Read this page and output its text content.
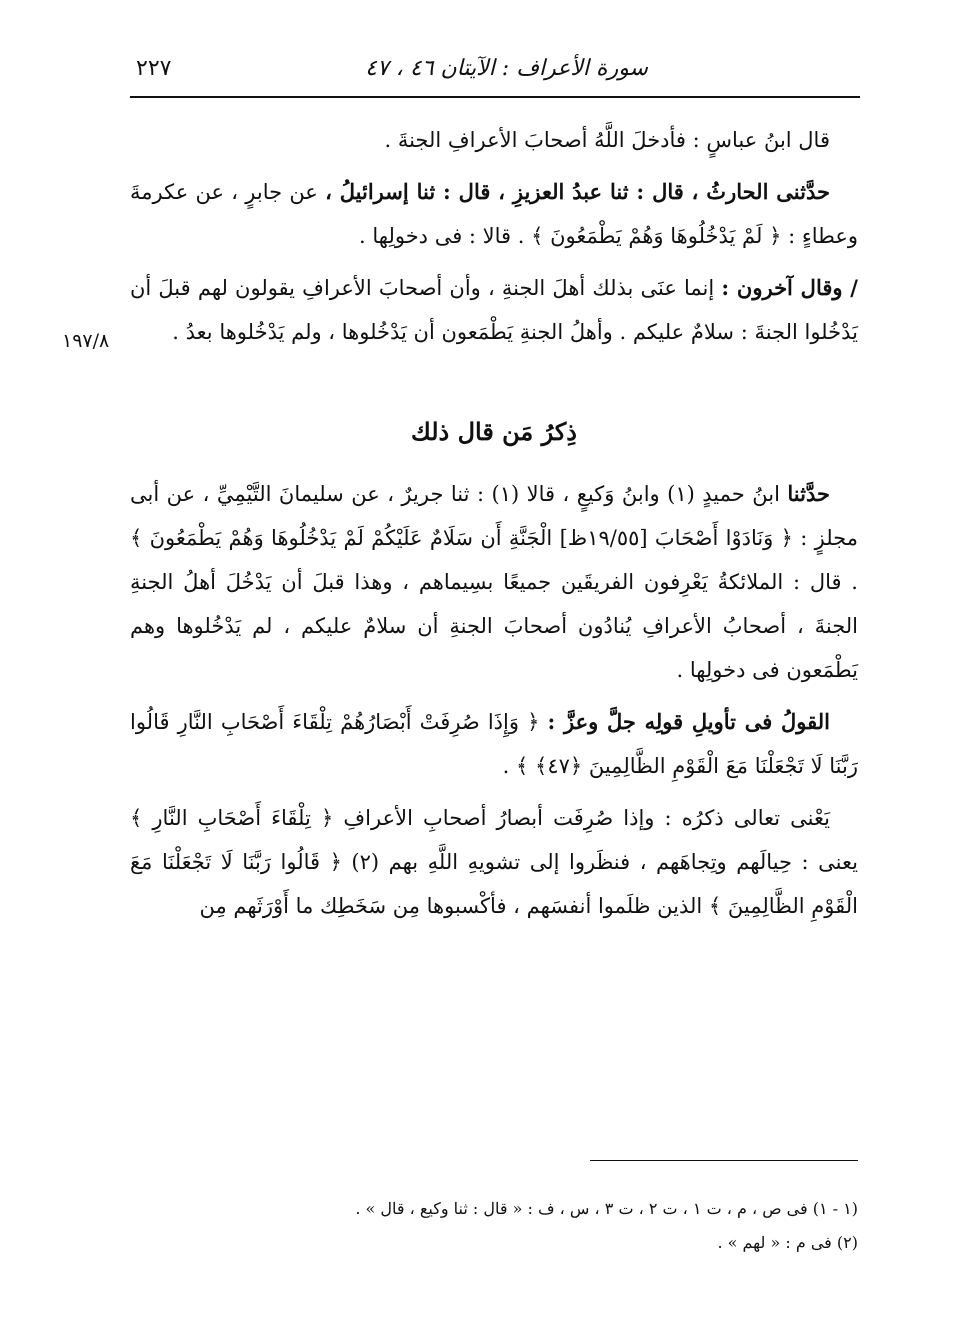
سورة الأعراف : الآيتان ٤٦ ، ٤٧
٢٢٧
١٩٧/٨

قال ابنُ عباسٍ : فأدخلَ اللَّهُ أصحابَ الأعرافِ الجنةَ .

حدَّثنى الحارثُ ، قال : ثنا عبدُ العزيزِ ، قال : ثنا إسرائيلُ ، عن جابرٍ ، عن عكرمةَ وعطاءٍ : ﴿ لَمْ يَدْخُلُوهَا وَهُمْ يَطْمَعُونَ ﴾ . قالا : فى دخولِها .

/ وقال آخرون : إنما عنَى بذلك أهلَ الجنةِ ، وأن أصحابَ الأعرافِ يقولون لهم قبلَ أن يَدْخُلوا الجنةَ : سلامٌ عليكم . وأهلُ الجنةِ يَطْمَعون أن يَدْخُلوها ، ولم يَدْخُلوها بعدُ .

ذِكرُ مَن قال ذلك

حدَّثنا ابنُ حميدٍ (١) وابنُ وَكيعٍ ، قالا (١) : ثنا جريرٌ ، عن سليمانَ التَّيْمِيِّ ، عن أبى مجلزٍ : ﴿ وَنَادَوْا أَصْحَابَ [١٩/٥٥ظ] الْجَنَّةِ أَن سَلَامٌ عَلَيْكُمْ لَمْ يَدْخُلُوهَا وَهُمْ يَطْمَعُونَ ﴾ . قال : الملائكةُ يَعْرِفون الفريقَين جميعًا بسِيماهم ، وهذا قبلَ أن يَدْخُلَ أهلُ الجنةِ الجنةَ ، أصحابُ الأعرافِ يُنادُون أصحابَ الجنةِ أن سلامٌ عليكم ، لم يَدْخُلوها وهم يَطْمَعون فى دخولِها .

القولُ فى تأويلِ قولِه جلَّ وعزَّ : ﴿ وَإِذَا صُرِفَتْ أَبْصَارُهُمْ تِلْقَاءَ أَصْحَابِ النَّارِ قَالُوا رَبَّنَا لَا تَجْعَلْنَا مَعَ الْقَوْمِ الظَّالِمِينَ ﴿٤٧﴾ ﴾ .

يَعْنى تعالى ذكرُه : وإذا صُرِفَت أبصارُ أصحابِ الأعرافِ ﴿ تِلْقَاءَ أَصْحَابِ النَّارِ ﴾ يعنى : حِيالَهم وتِجاهَهم ، فنظَروا إلى تشويهِ اللَّهِ بهم (٢) ﴿ قَالُوا رَبَّنَا لَا تَجْعَلْنَا مَعَ الْقَوْمِ الظَّالِمِينَ ﴾ الذين ظلَموا أنفسَهم ، فأكْسبوها مِن سَخَطِك ما أَوْرَثَهم مِن

(١ - ١) فى ص ، م ، ت ١ ، ت ٢ ، ت ٣ ، س ، ف : « قال : ثنا وكيع ، قال » .

(٢) فى م : « لهم » .
